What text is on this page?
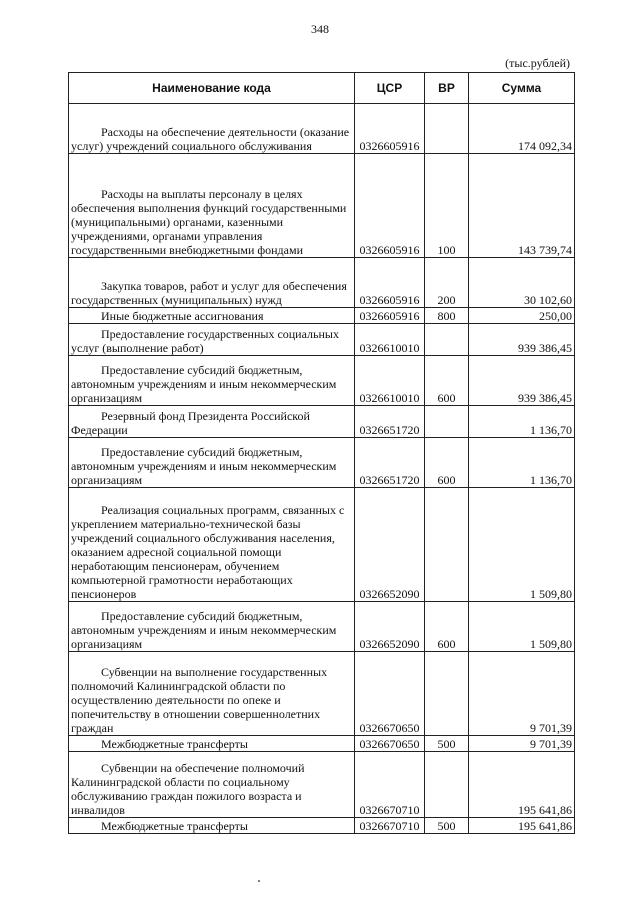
348
(тыс.рублей)
Наименование кода	ЦСР	ВР	Сумма
Расходы на обеспечение деятельности (оказание услуг) учреждений социального обслуживания	0326605916		174 092,34
Расходы на выплаты персоналу в целях обеспечения выполнения функций государственными (муниципальными) органами, казенными учреждениями, органами управления государственными внебюджетными фондами	0326605916	100	143 739,74
Закупка товаров, работ и услуг для обеспечения государственных (муниципальных) нужд	0326605916	200	30 102,60
Иные бюджетные ассигнования	0326605916	800	250,00
Предоставление государственных социальных услуг (выполнение работ)	0326610010		939 386,45
Предоставление субсидий бюджетным, автономным учреждениям и иным некоммерческим организациям	0326610010	600	939 386,45
Резервный фонд Президента Российской Федерации	0326651720		1 136,70
Предоставление субсидий бюджетным, автономным учреждениям и иным некоммерческим организациям	0326651720	600	1 136,70
Реализация социальных программ, связанных с укреплением материально-технической базы учреждений социального обслуживания населения, оказанием адресной социальной помощи неработающим пенсионерам, обучением компьютерной грамотности неработающих пенсионеров	0326652090		1 509,80
Предоставление субсидий бюджетным, автономным учреждениям и иным некоммерческим организациям	0326652090	600	1 509,80
Субвенции на выполнение государственных полномочий Калининградской области по осуществлению деятельности по опеке и попечительству в отношении совершеннолетних граждан	0326670650		9 701,39
Межбюджетные трансферты	0326670650	500	9 701,39
Субвенции на обеспечение полномочий Калининградской области по социальному обслуживанию граждан пожилого возраста и инвалидов	0326670710		195 641,86
Межбюджетные трансферты	0326670710	500	195 641,86
